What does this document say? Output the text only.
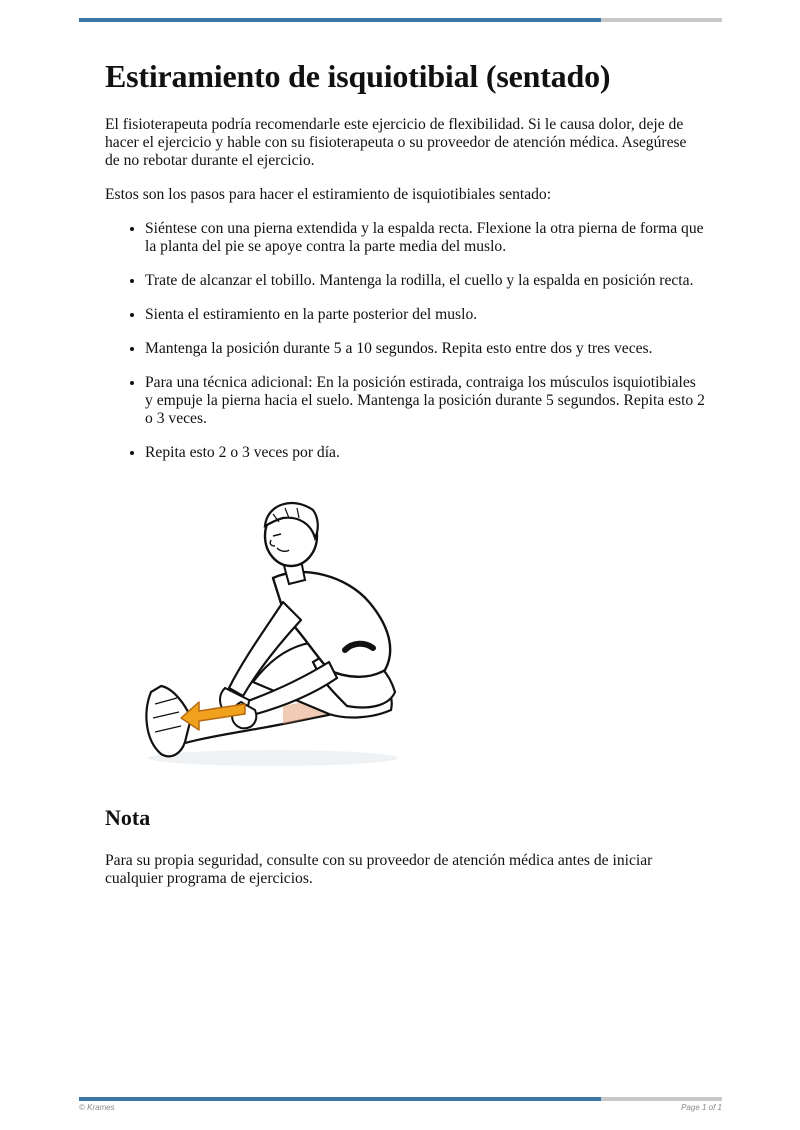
Estiramiento de isquiotibial (sentado)

El fisioterapeuta podría recomendarle este ejercicio de flexibilidad. Si le causa dolor, deje de hacer el ejercicio y hable con su fisioterapeuta o su proveedor de atención médica. Asegúrese de no rebotar durante el ejercicio.

Estos son los pasos para hacer el estiramiento de isquiotibiales sentado:

• Siéntese con una pierna extendida y la espalda recta. Flexione la otra pierna de forma que la planta del pie se apoye contra la parte media del muslo.
• Trate de alcanzar el tobillo. Mantenga la rodilla, el cuello y la espalda en posición recta.
• Sienta el estiramiento en la parte posterior del muslo.
• Mantenga la posición durante 5 a 10 segundos. Repita esto entre dos y tres veces.
• Para una técnica adicional: En la posición estirada, contraiga los músculos isquiotibiales y empuje la pierna hacia el suelo. Mantenga la posición durante 5 segundos. Repita esto 2 o 3 veces.
• Repita esto 2 o 3 veces por día.
Nota

Para su propia seguridad, consulte con su proveedor de atención médica antes de iniciar cualquier programa de ejercicios.

© Krames	Page 1 of 1
